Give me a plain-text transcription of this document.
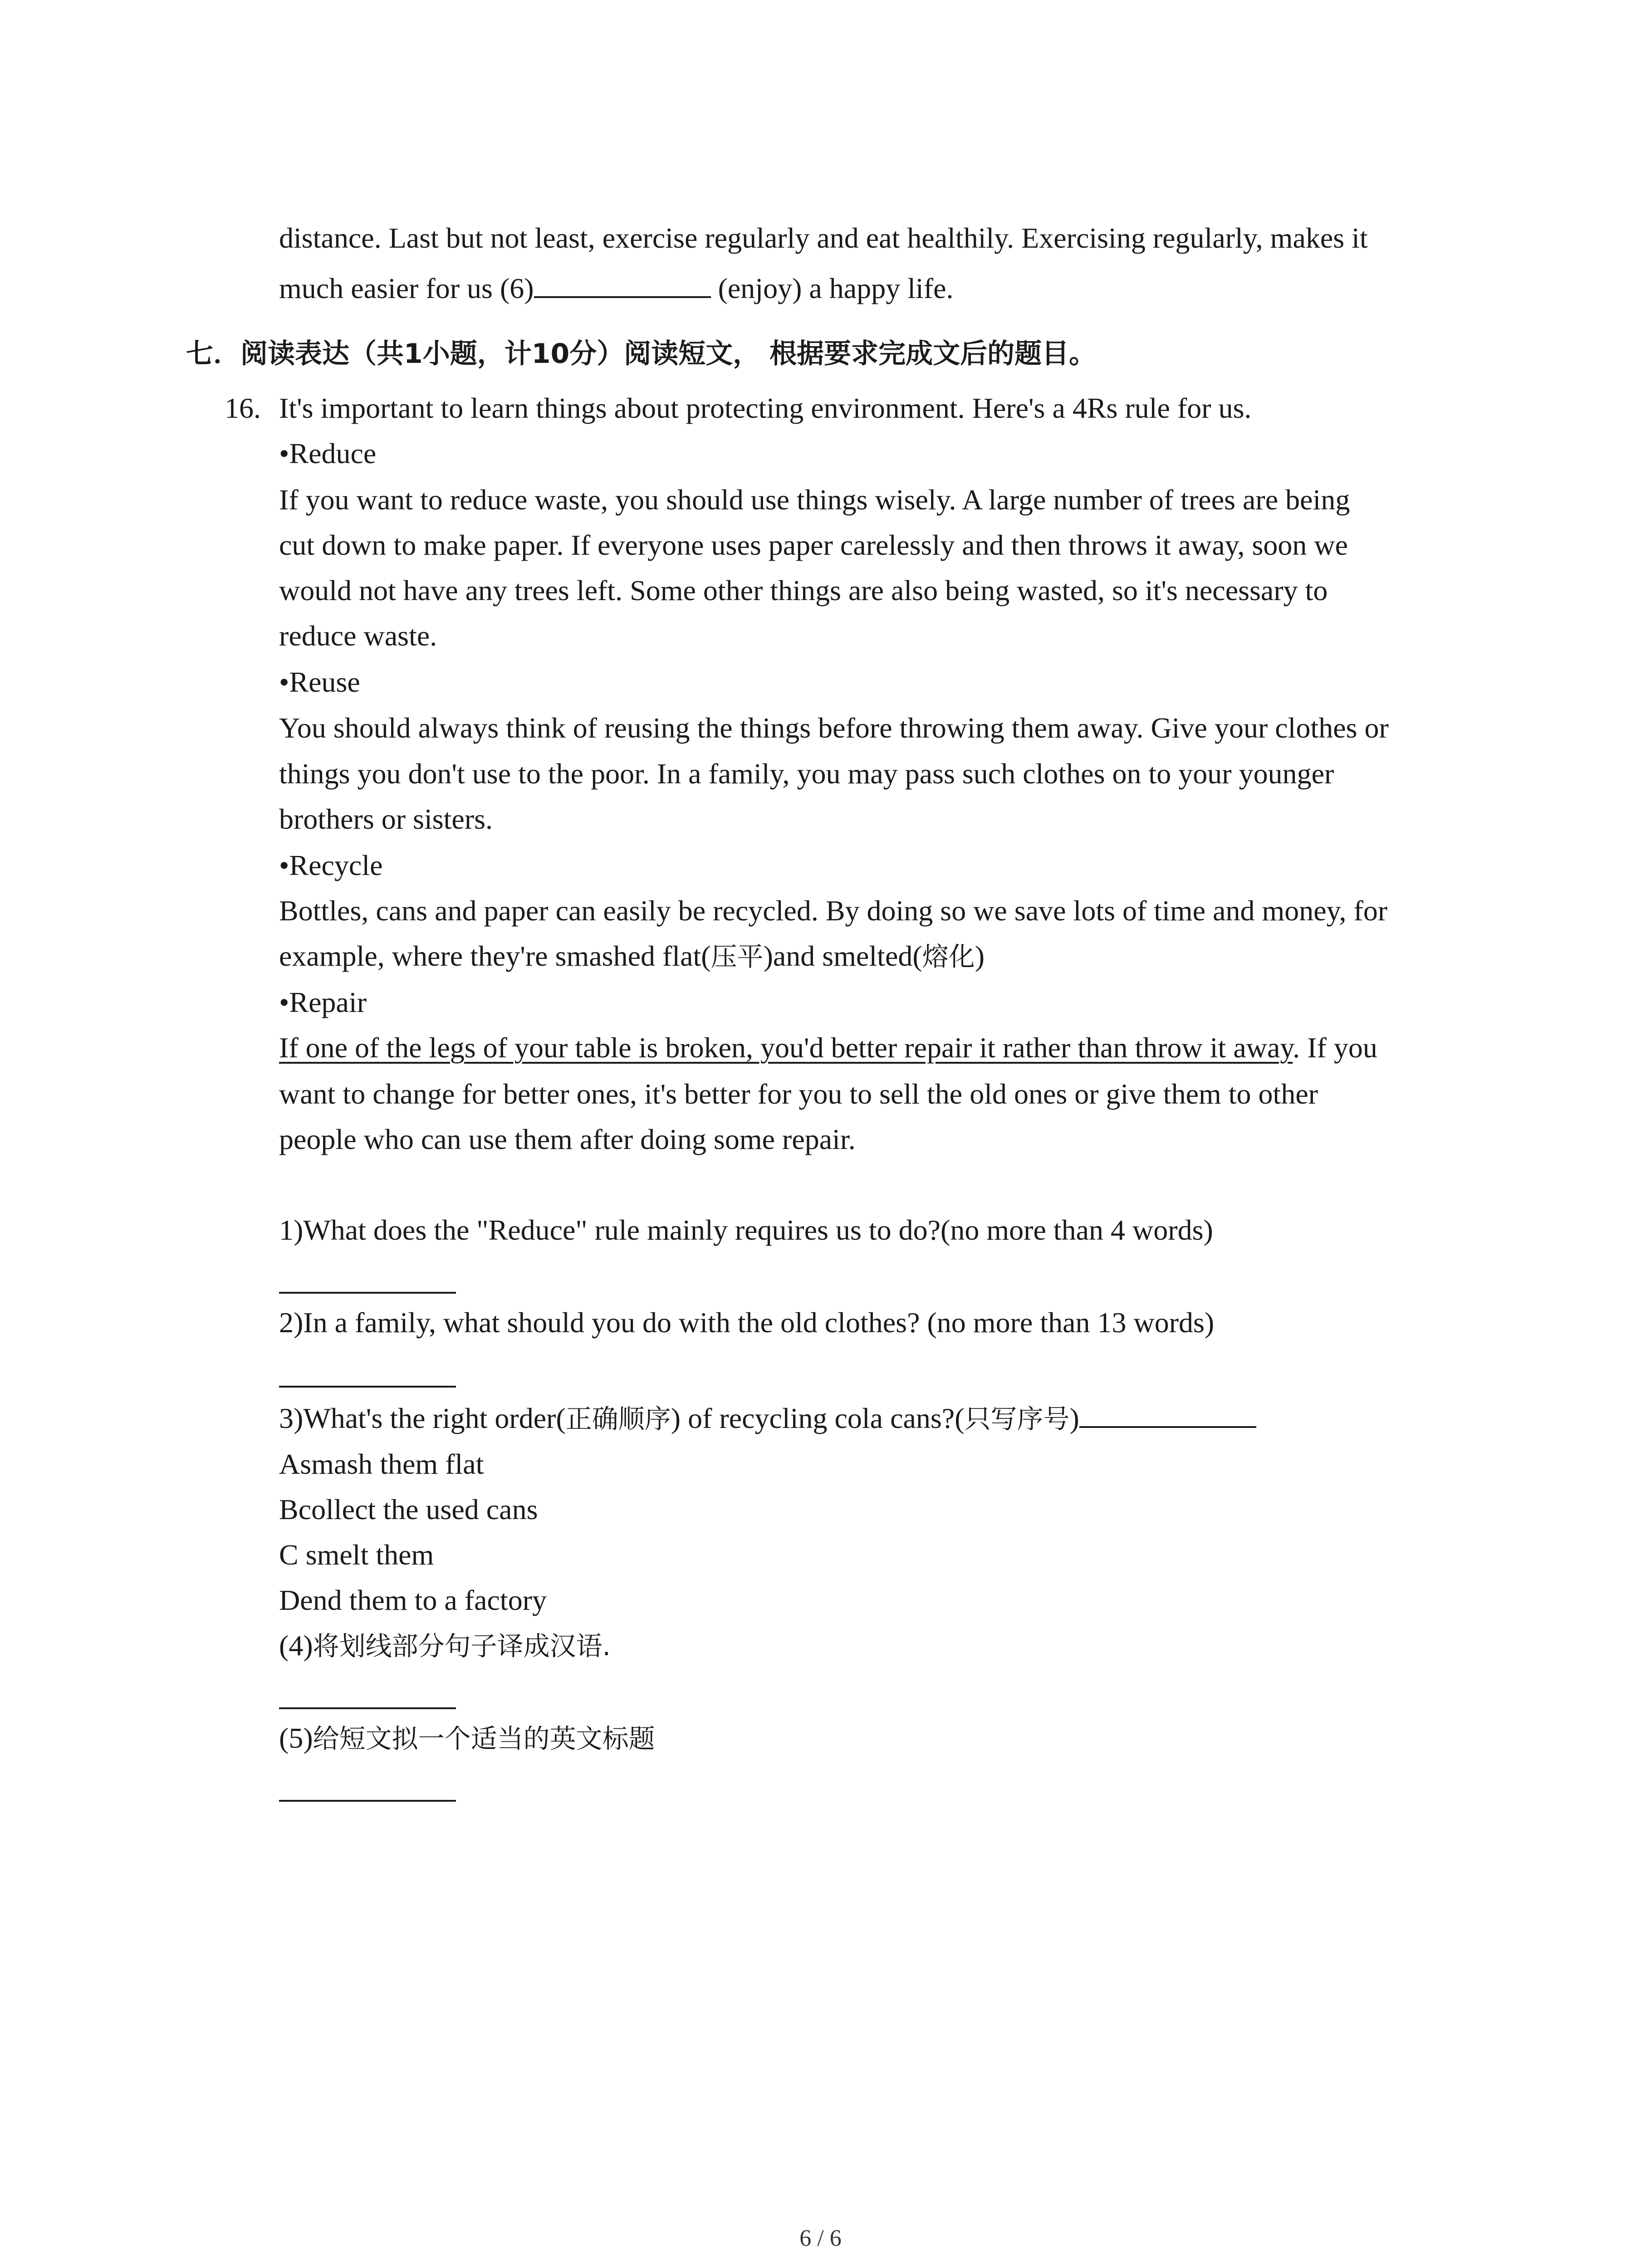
distance. Last but not least, exercise regularly and eat healthily. Exercising regularly, makes it
much easier for us (6)	(enjoy) a happy life.
七．阅读表达（共1小题，计10分）阅读短文， 根据要求完成文后的题目。
16. It's important to learn things about protecting environment. Here's a 4Rs rule for us.
•Reduce
If you want to reduce waste, you should use things wisely. A large number of trees are being
cut down to make paper. If everyone uses paper carelessly and then throws it away, soon we
would not have any trees left. Some other things are also being wasted, so it's necessary to
reduce waste.
•Reuse
You should always think of reusing the things before throwing them away. Give your clothes or
things you don't use to the poor. In a family, you may pass such clothes on to your younger
brothers or sisters.
•Recycle
Bottles, cans and paper can easily be recycled. By doing so we save lots of time and money, for
example, where they're smashed flat(压平)and smelted(熔化)
•Repair
If one of the legs of your table is broken, you'd better repair it rather than throw it away. If you
want to change for better ones, it's better for you to sell the old ones or give them to other
people who can use them after doing some repair.
1)What does the "Reduce" rule mainly requires us to do?(no more than 4 words)
2)In a family, what should you do with the old clothes? (no more than 13 words)
3)What's the right order(正确顺序) of recycling cola cans?(只写序号)
Asmash them flat
Bcollect the used cans
C smelt them
Dend them to a factory
(4)将划线部分句子译成汉语.
(5)给短文拟一个适当的英文标题
6 / 6
